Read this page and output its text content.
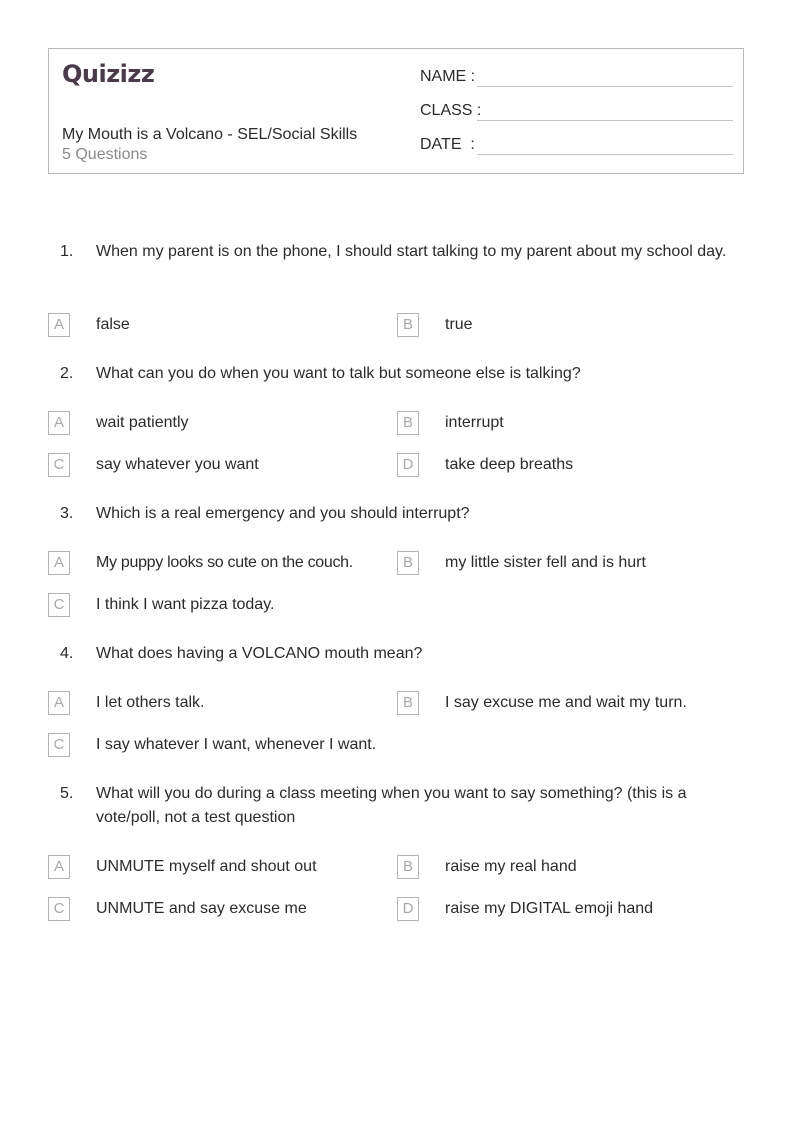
Quizizz
My Mouth is a Volcano - SEL/Social Skills
5 Questions
NAME :
CLASS :
DATE  :
1. When my parent is on the phone, I should start talking to my parent about my school day.
A	false	B	true
2. What can you do when you want to talk but someone else is talking?
A	wait patiently	B	interrupt
C	say whatever you want	D	take deep breaths
3. Which is a real emergency and you should interrupt?
A	My puppy looks so cute on the couch.	B	my little sister fell and is hurt
C	I think I want pizza today.
4. What does having a VOLCANO mouth mean?
A	I let others talk.	B	I say excuse me and wait my turn.
C	I say whatever I want, whenever I want.
5. What will you do during a class meeting when you want to say something? (this is a vote/poll, not a test question
A	UNMUTE myself and shout out	B	raise my real hand
C	UNMUTE and say excuse me	D	raise my DIGITAL emoji hand
